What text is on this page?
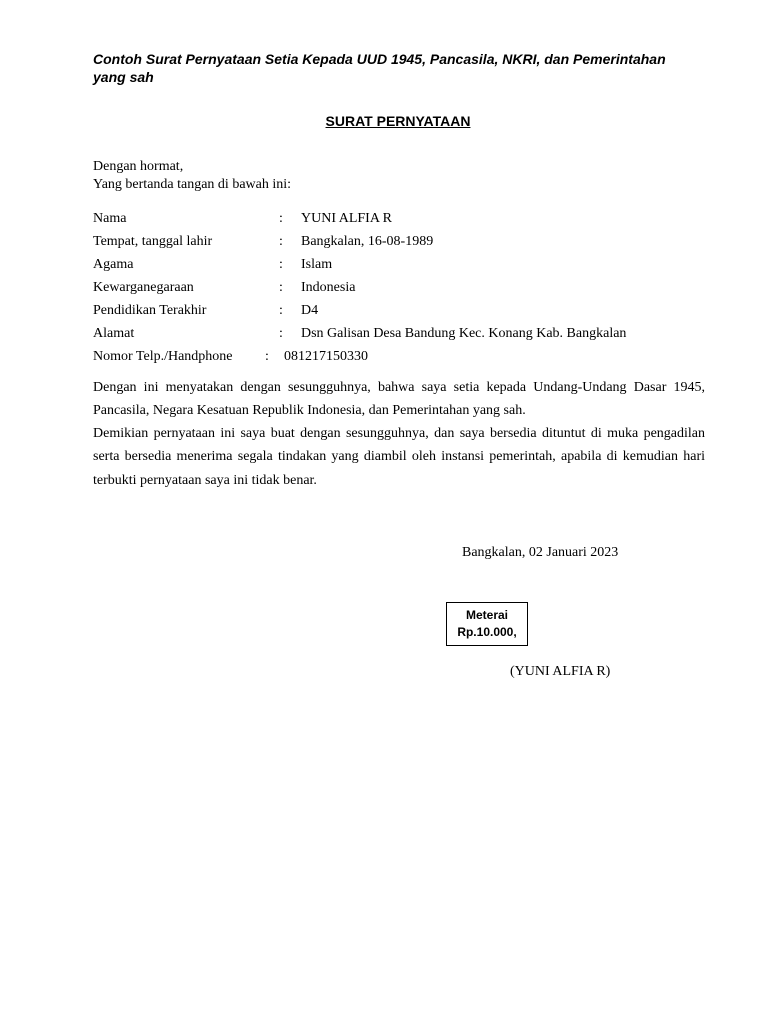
Contoh Surat Pernyataan Setia Kepada UUD 1945, Pancasila, NKRI, dan Pemerintahan yang sah
SURAT PERNYATAAN
Dengan hormat,
Yang bertanda tangan di bawah ini:
Nama	: YUNI ALFIA R
Tempat, tanggal lahir	: Bangkalan, 16-08-1989
Agama	: Islam
Kewarganegaraan	: Indonesia
Pendidikan Terakhir	: D4
Alamat	: Dsn Galisan Desa Bandung Kec. Konang Kab. Bangkalan
Nomor Telp./Handphone : 081217150330
Dengan ini menyatakan dengan sesungguhnya, bahwa saya setia kepada Undang-Undang Dasar 1945, Pancasila, Negara Kesatuan Republik Indonesia, dan Pemerintahan yang sah.
Demikian pernyataan ini saya buat dengan sesungguhnya, dan saya bersedia dituntut di muka pengadilan serta bersedia menerima segala tindakan yang diambil oleh instansi pemerintah, apabila di kemudian hari terbukti pernyataan saya ini tidak benar.
Bangkalan, 02 Januari 2023
Meterai
Rp.10.000,
(YUNI ALFIA R)
